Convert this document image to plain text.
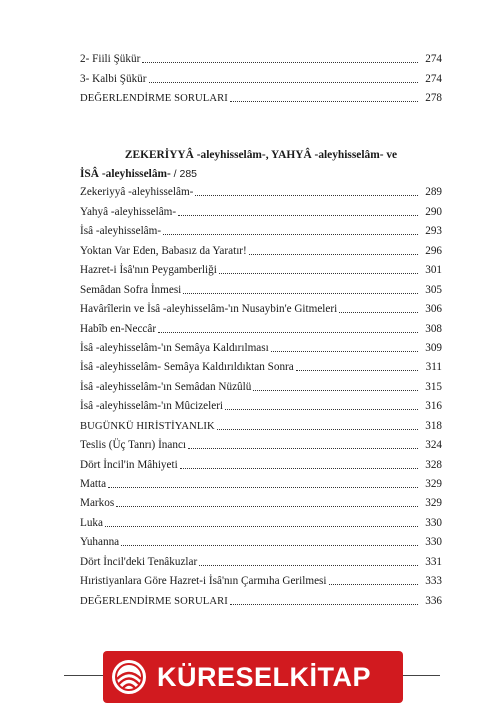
2- Fiili Şükür	274
3- Kalbi Şükür	274
DEĞERLENDİRME SORULARI	278
ZEKERİYYÂ -aleyhisselâm-, YAHYÂ -aleyhisselâm- ve
İSÂ -aleyhisselâm- / 285
Zekeriyyâ -aleyhisselâm-	289
Yahyâ -aleyhisselâm-	290
İsâ -aleyhisselâm-	293
Yoktan Var Eden, Babasız da Yaratır!	296
Hazret-i İsâ'nın Peygamberliği	301
Semâdan Sofra İnmesi	305
Havârîlerin ve İsâ -aleyhisselâm-'ın Nusaybin'e Gitmeleri	306
Habîb en-Neccâr	308
İsâ -aleyhisselâm-'ın Semâya Kaldırılması	309
İsâ -aleyhisselâm- Semâya Kaldırıldıktan Sonra	311
İsâ -aleyhisselâm-'ın Semâdan Nüzûlü	315
İsâ -aleyhisselâm-'ın Mûcizeleri	316
BUGÜNKÜ HIRİSTİYANLIK	318
Teslis (Üç Tanrı) İnancı	324
Dört İncil'in Mâhiyeti	328
Matta	329
Markos	329
Luka	330
Yuhanna	330
Dört İncil'deki Tenâkuzlar	331
Hıristiyanlara Göre Hazret-i İsâ'nın Çarmıha Gerilmesi	333
DEĞERLENDİRME SORULARI	336
KÜRESELKİTAP
